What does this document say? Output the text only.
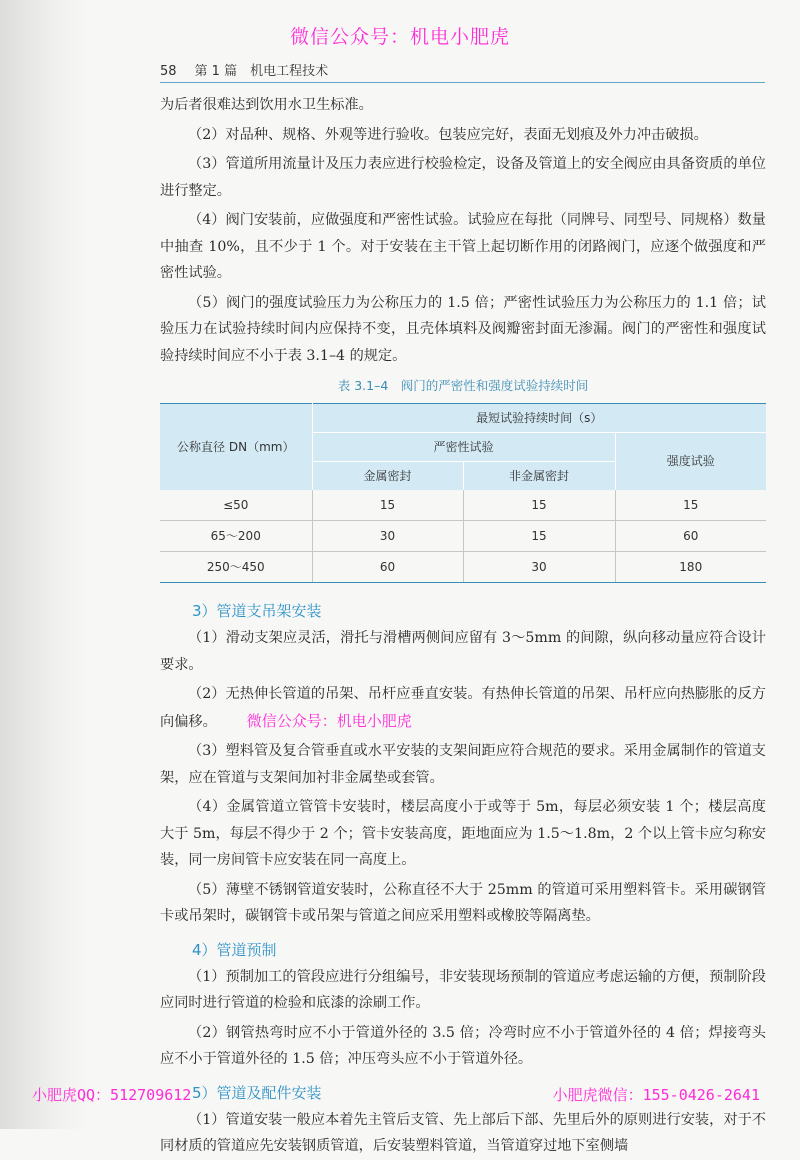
微信公众号：机电小肥虎
58 第 1 篇　机电工程技术

为后者很难达到饮用水卫生标准。

（2）对品种、规格、外观等进行验收。包装应完好，表面无划痕及外力冲击破损。

（3）管道所用流量计及压力表应进行校验检定，设备及管道上的安全阀应由具备资质的单位进行整定。

（4）阀门安装前，应做强度和严密性试验。试验应在每批（同牌号、同型号、同规格）数量中抽查 10%，且不少于 1 个。对于安装在主干管上起切断作用的闭路阀门，应逐个做强度和严密性试验。

（5）阀门的强度试验压力为公称压力的 1.5 倍；严密性试验压力为公称压力的 1.1 倍；试验压力在试验持续时间内应保持不变，且壳体填料及阀瓣密封面无渗漏。阀门的严密性和强度试验持续时间应不小于表 3.1–4 的规定。

表 3.1–4　阀门的严密性和强度试验持续时间
公称直径 DN（mm）	最短试验持续时间（s）		
	严密性试验		强度试验
	金属密封	非金属密封	
≤50	15	15	15
65～200	30	15	60
250～450	60	30	180
3）管道支吊架安装

（1）滑动支架应灵活，滑托与滑槽两侧间应留有 3～5mm 的间隙，纵向移动量应符合设计要求。

（2）无热伸长管道的吊架、吊杆应垂直安装。有热伸长管道的吊架、吊杆应向热膨胀的反方向偏移。 微信公众号：机电小肥虎

（3）塑料管及复合管垂直或水平安装的支架间距应符合规范的要求。采用金属制作的管道支架，应在管道与支架间加衬非金属垫或套管。

（4）金属管道立管管卡安装时，楼层高度小于或等于 5m，每层必须安装 1 个；楼层高度大于 5m，每层不得少于 2 个；管卡安装高度，距地面应为 1.5～1.8m，2 个以上管卡应匀称安装，同一房间管卡应安装在同一高度上。

（5）薄壁不锈钢管道安装时，公称直径不大于 25mm 的管道可采用塑料管卡。采用碳钢管卡或吊架时，碳钢管卡或吊架与管道之间应采用塑料或橡胶等隔离垫。

4）管道预制

（1）预制加工的管段应进行分组编号，非安装现场预制的管道应考虑运输的方便，预制阶段应同时进行管道的检验和底漆的涂刷工作。

（2）钢管热弯时应不小于管道外径的 3.5 倍；冷弯时应不小于管道外径的 4 倍；焊接弯头应不小于管道外径的 1.5 倍；冲压弯头应不小于管道外径。

5）管道及配件安装

（1）管道安装一般应本着先主管后支管、先上部后下部、先里后外的原则进行安装，对于不同材质的管道应先安装钢质管道，后安装塑料管道，当管道穿过地下室侧墙

小肥虎QQ：512709612	小肥虎微信：155-0426-2641
